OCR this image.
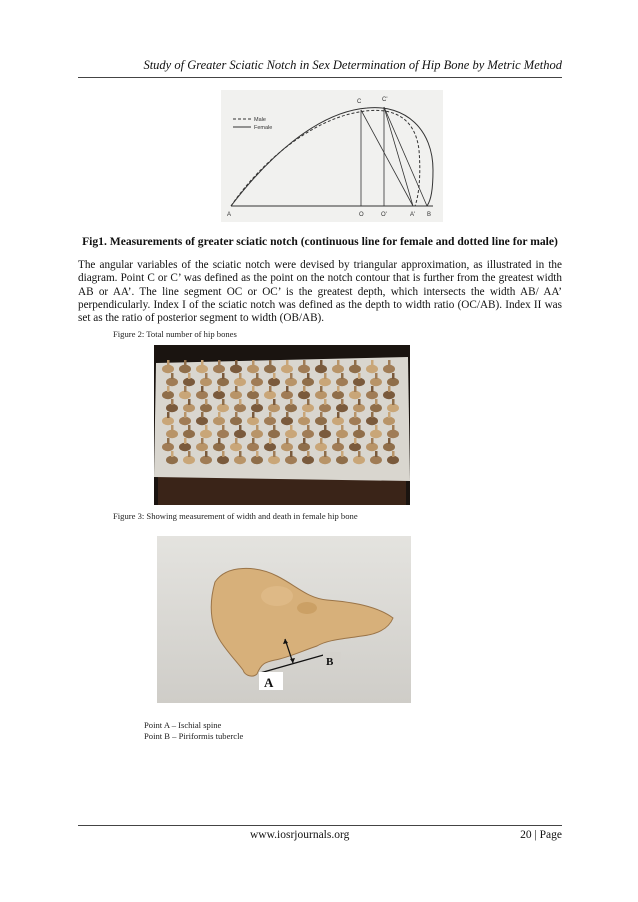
Study of Greater Sciatic Notch in Sex Determination of Hip Bone by Metric Method
Male
Female
C	C'
A	O	O'	A' B
Fig1. Measurements of greater sciatic notch (continuous line for female and dotted line for male)
The angular variables of the sciatic notch were devised by triangular approximation, as illustrated in the diagram. Point C or C’ was defined as the point on the notch contour that is further from the greatest width AB or AA’. The line segment OC or OC’ is the greatest depth, which intersects the width AB/ AA’ perpendicularly. Index I of the sciatic notch was defined as the depth to width ratio (OC/AB). Index II was set as the ratio of posterior segment to width (OB/AB).
Figure 2: Total number of hip bones
Figure 3: Showing measurement of width and death in female hip bone
A
B
Point A – Ischial spine
Point B – Piriformis tubercle
www.iosrjournals.org	20 | Page
